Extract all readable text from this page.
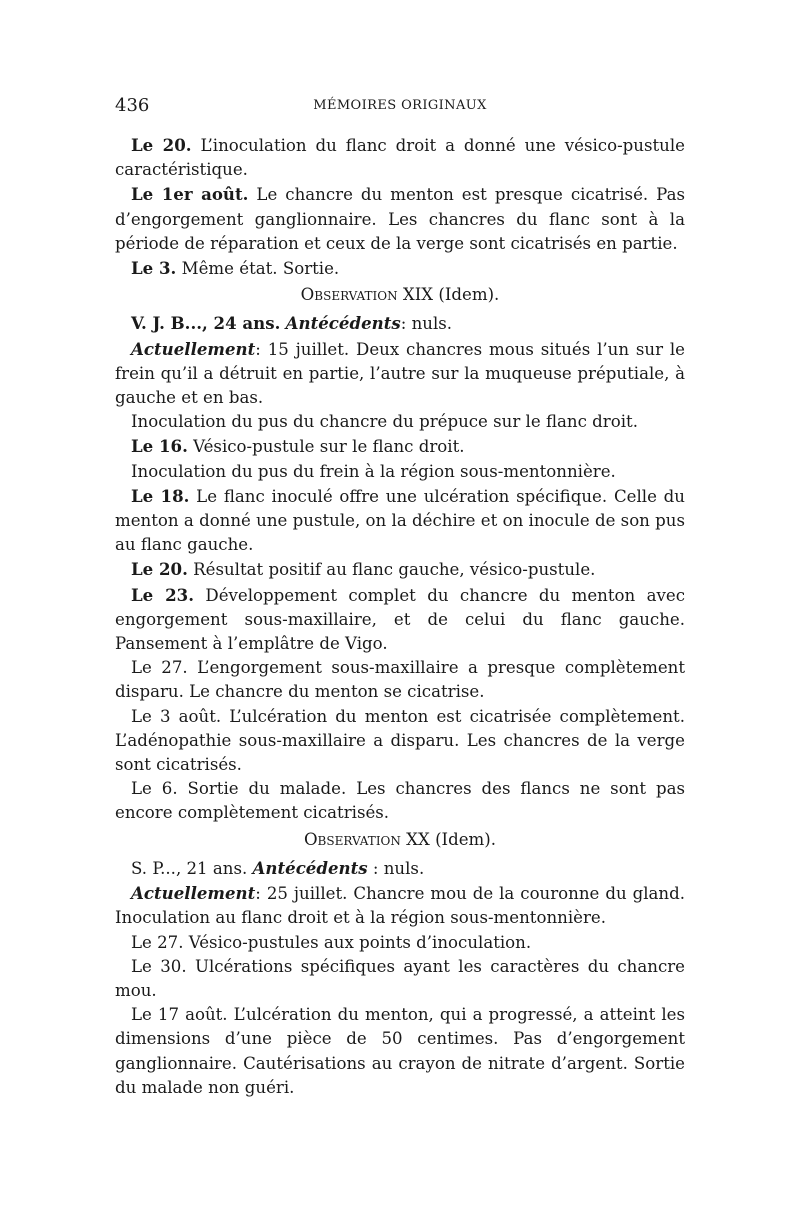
436	MÉMOIRES ORIGINAUX

Le 20. L’inoculation du flanc droit a donné une vésico-pustule caractéristique.

Le 1er août. Le chancre du menton est presque cicatrisé. Pas d’engorgement ganglionnaire. Les chancres du flanc sont à la période de réparation et ceux de la verge sont cicatrisés en partie.

Le 3. Même état. Sortie.

Observation XIX (Idem).

V. J. B..., 24 ans. Antécédents: nuls.

Actuellement: 15 juillet. Deux chancres mous situés l’un sur le frein qu’il a détruit en partie, l’autre sur la muqueuse préputiale, à gauche et en bas.

Inoculation du pus du chancre du prépuce sur le flanc droit.

Le 16. Vésico-pustule sur le flanc droit.

Inoculation du pus du frein à la région sous-mentonnière.

Le 18. Le flanc inoculé offre une ulcération spécifique. Celle du menton a donné une pustule, on la déchire et on inocule de son pus au flanc gauche.

Le 20. Résultat positif au flanc gauche, vésico-pustule.

Le 23. Développement complet du chancre du menton avec engorgement sous-maxillaire, et de celui du flanc gauche. Pansement à l’emplâtre de Vigo.

Le 27. L’engorgement sous-maxillaire a presque complètement disparu. Le chancre du menton se cicatrise.

Le 3 août. L’ulcération du menton est cicatrisée complètement. L’adénopathie sous-maxillaire a disparu. Les chancres de la verge sont cicatrisés.

Le 6. Sortie du malade. Les chancres des flancs ne sont pas encore complètement cicatrisés.

Observation XX (Idem).

S. P..., 21 ans. Antécédents : nuls.

Actuellement: 25 juillet. Chancre mou de la couronne du gland. Inoculation au flanc droit et à la région sous-mentonnière.

Le 27. Vésico-pustules aux points d’inoculation.

Le 30. Ulcérations spécifiques ayant les caractères du chancre mou.

Le 17 août. L’ulcération du menton, qui a progressé, a atteint les dimensions d’une pièce de 50 centimes. Pas d’engorgement ganglionnaire. Cautérisations au crayon de nitrate d’argent. Sortie du malade non guéri.
